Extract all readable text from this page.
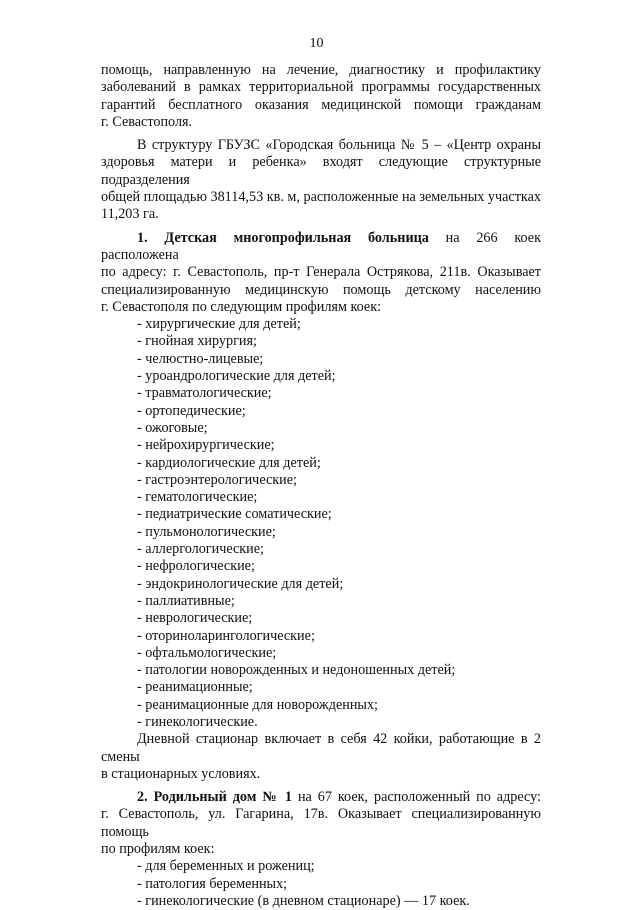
10

помощь, направленную на лечение, диагностику и профилактику

заболеваний в рамках территориальной программы государственных

гарантий бесплатного оказания медицинской помощи гражданам

г. Севастополя.

В структуру ГБУЗС «Городская больница № 5 – «Центр охраны

здоровья матери и ребенка» входят следующие структурные подразделения

общей площадью 38114,53 кв. м, расположенные на земельных участках

11,203 га.

1. Детская многопрофильная больница на 266 коек расположена

по адресу: г. Севастополь, пр-т Генерала Острякова, 211в. Оказывает

специализированную медицинскую помощь детскому населению

г. Севастополя по следующим профилям коек:

- хирургические для детей;

- гнойная хирургия;

- челюстно-лицевые;

- уроандрологические для детей;

- травматологические;

- ортопедические;

- ожоговые;

- нейрохирургические;

- кардиологические для детей;

- гастроэнтерологические;

- гематологические;

- педиатрические соматические;

- пульмонологические;

- аллергологические;

- нефрологические;

- эндокринологические для детей;

- паллиативные;

- неврологические;

- оториноларингологические;

- офтальмологические;

- патологии новорожденных и недоношенных детей;

- реанимационные;

- реанимационные для новорожденных;

- гинекологические.

Дневной стационар включает в себя 42 койки, работающие в 2 смены

в стационарных условиях.

2. Родильный дом № 1 на 67 коек, расположенный по адресу:

г. Севастополь, ул. Гагарина, 17в. Оказывает специализированную помощь

по профилям коек:

- для беременных и рожениц;

- патология беременных;

- гинекологические (в дневном стационаре) — 17 коек.
